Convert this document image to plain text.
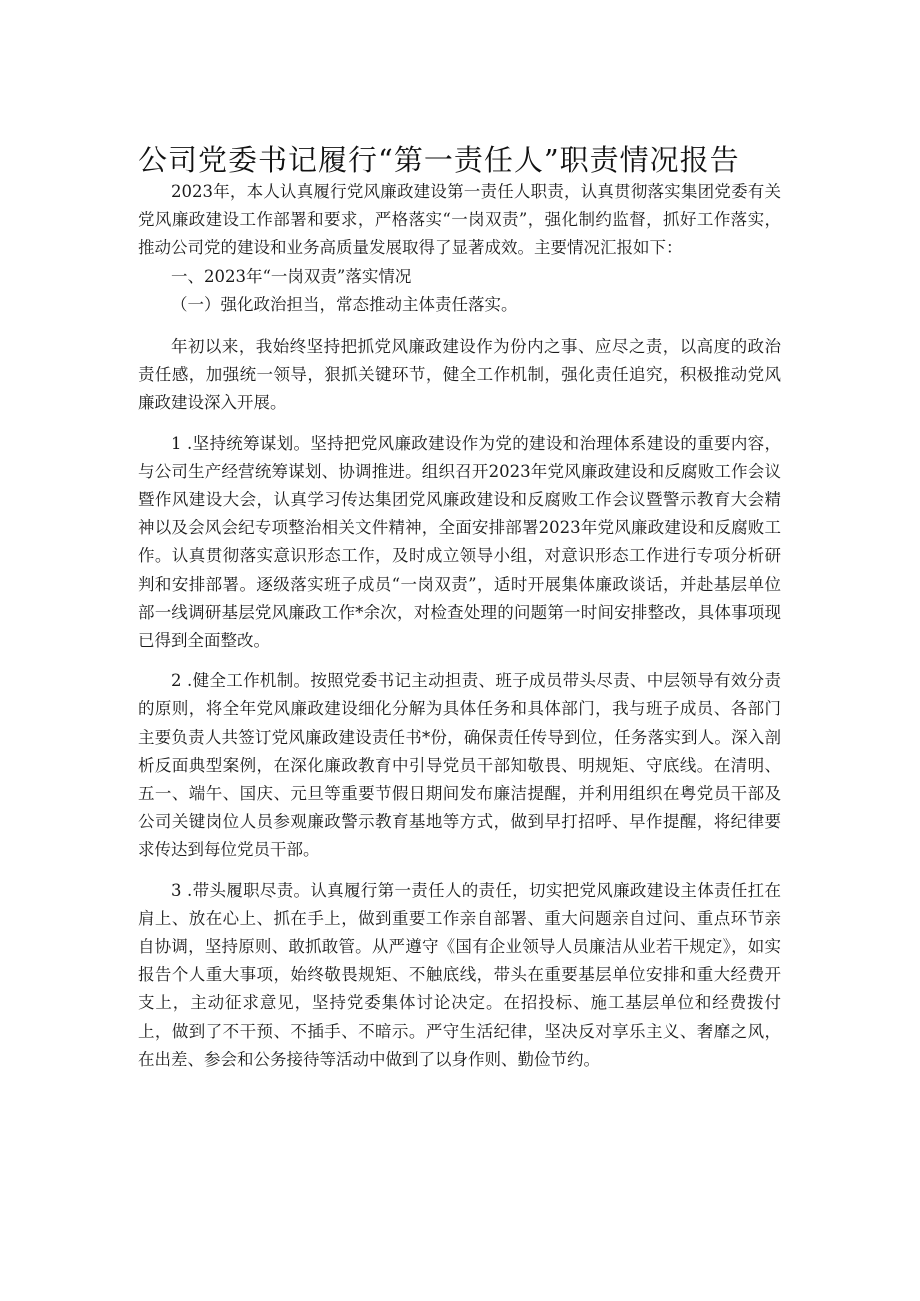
公司党委书记履行“第一责任人”职责情况报告

2023年，本人认真履行党风廉政建设第一责任人职责，认真贯彻落实集团党委有关党风廉政建设工作部署和要求，严格落实“一岗双责”，强化制约监督，抓好工作落实，推动公司党的建设和业务高质量发展取得了显著成效。主要情况汇报如下：

一、2023年“一岗双责”落实情况

（一）强化政治担当，常态推动主体责任落实。

年初以来，我始终坚持把抓党风廉政建设作为份内之事、应尽之责，以高度的政治责任感，加强统一领导，狠抓关键环节，健全工作机制，强化责任追究，积极推动党风廉政建设深入开展。

1 .坚持统筹谋划。坚持把党风廉政建设作为党的建设和治理体系建设的重要内容，与公司生产经营统筹谋划、协调推进。组织召开2023年党风廉政建设和反腐败工作会议暨作风建设大会，认真学习传达集团党风廉政建设和反腐败工作会议暨警示教育大会精神以及会风会纪专项整治相关文件精神，全面安排部署2023年党风廉政建设和反腐败工作。认真贯彻落实意识形态工作，及时成立领导小组，对意识形态工作进行专项分析研判和安排部署。逐级落实班子成员“一岗双责”，适时开展集体廉政谈话，并赴基层单位部一线调研基层党风廉政工作*余次，对检查处理的问题第一时间安排整改，具体事项现已得到全面整改。

2 .健全工作机制。按照党委书记主动担责、班子成员带头尽责、中层领导有效分责的原则，将全年党风廉政建设细化分解为具体任务和具体部门，我与班子成员、各部门主要负责人共签订党风廉政建设责任书*份，确保责任传导到位，任务落实到人。深入剖析反面典型案例，在深化廉政教育中引导党员干部知敬畏、明规矩、守底线。在清明、五一、端午、国庆、元旦等重要节假日期间发布廉洁提醒，并利用组织在粤党员干部及公司关键岗位人员参观廉政警示教育基地等方式，做到早打招呼、早作提醒，将纪律要求传达到每位党员干部。

3 .带头履职尽责。认真履行第一责任人的责任，切实把党风廉政建设主体责任扛在肩上、放在心上、抓在手上，做到重要工作亲自部署、重大问题亲自过问、重点环节亲自协调，坚持原则、敢抓敢管。从严遵守《国有企业领导人员廉洁从业若干规定》，如实报告个人重大事项，始终敬畏规矩、不触底线，带头在重要基层单位安排和重大经费开支上，主动征求意见，坚持党委集体讨论决定。在招投标、施工基层单位和经费拨付上，做到了不干预、不插手、不暗示。严守生活纪律，坚决反对享乐主义、奢靡之风，在出差、参会和公务接待等活动中做到了以身作则、勤俭节约。
